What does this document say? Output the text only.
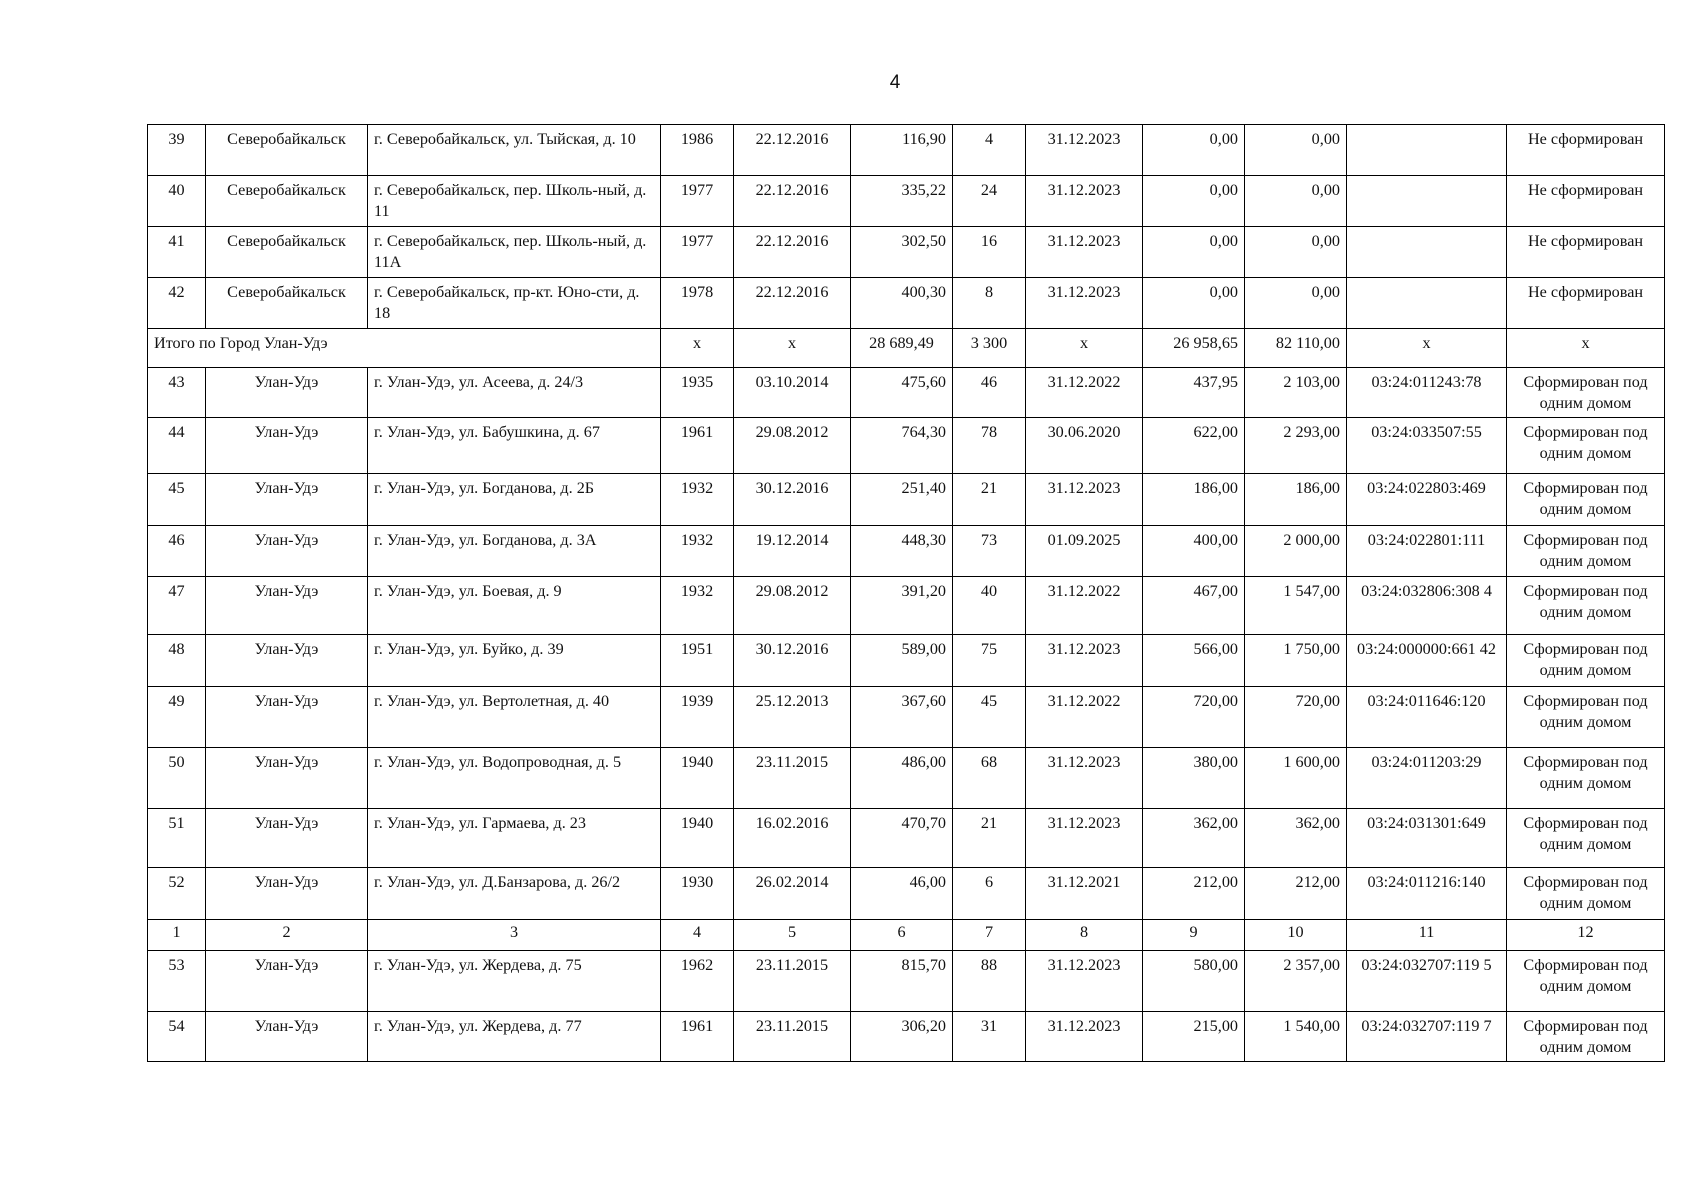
4
39	Северобайкальск	г. Северобайкальск, ул. Тыйская, д. 10	1986	22.12.2016	116,90	4	31.12.2023	0,00	0,00		Не сформирован
40	Северобайкальск	г. Северобайкальск, пер. Школь-ный, д. 11	1977	22.12.2016	335,22	24	31.12.2023	0,00	0,00		Не сформирован
41	Северобайкальск	г. Северобайкальск, пер. Школь-ный, д. 11А	1977	22.12.2016	302,50	16	31.12.2023	0,00	0,00		Не сформирован
42	Северобайкальск	г. Северобайкальск, пр-кт. Юно-сти, д. 18	1978	22.12.2016	400,30	8	31.12.2023	0,00	0,00		Не сформирован
Итого по Город Улан-Удэ			х	х	28 689,49	3 300	х	26 958,65	82 110,00	х	х
43	Улан-Удэ	г. Улан-Удэ, ул. Асеева, д. 24/3	1935	03.10.2014	475,60	46	31.12.2022	437,95	2 103,00	03:24:011243:78	Сформирован под одним домом
44	Улан-Удэ	г. Улан-Удэ, ул. Бабушкина, д. 67	1961	29.08.2012	764,30	78	30.06.2020	622,00	2 293,00	03:24:033507:55	Сформирован под одним домом
45	Улан-Удэ	г. Улан-Удэ, ул. Богданова, д. 2Б	1932	30.12.2016	251,40	21	31.12.2023	186,00	186,00	03:24:022803:469	Сформирован под одним домом
46	Улан-Удэ	г. Улан-Удэ, ул. Богданова, д. 3А	1932	19.12.2014	448,30	73	01.09.2025	400,00	2 000,00	03:24:022801:111	Сформирован под одним домом
47	Улан-Удэ	г. Улан-Удэ, ул. Боевая, д. 9	1932	29.08.2012	391,20	40	31.12.2022	467,00	1 547,00	03:24:032806:308 4	Сформирован под одним домом
48	Улан-Удэ	г. Улан-Удэ, ул. Буйко, д. 39	1951	30.12.2016	589,00	75	31.12.2023	566,00	1 750,00	03:24:000000:661 42	Сформирован под одним домом
49	Улан-Удэ	г. Улан-Удэ, ул. Вертолетная, д. 40	1939	25.12.2013	367,60	45	31.12.2022	720,00	720,00	03:24:011646:120	Сформирован под одним домом
50	Улан-Удэ	г. Улан-Удэ, ул. Водопроводная, д. 5	1940	23.11.2015	486,00	68	31.12.2023	380,00	1 600,00	03:24:011203:29	Сформирован под одним домом
51	Улан-Удэ	г. Улан-Удэ, ул. Гармаева, д. 23	1940	16.02.2016	470,70	21	31.12.2023	362,00	362,00	03:24:031301:649	Сформирован под одним домом
52	Улан-Удэ	г. Улан-Удэ, ул. Д.Банзарова, д. 26/2	1930	26.02.2014	46,00	6	31.12.2021	212,00	212,00	03:24:011216:140	Сформирован под одним домом
1	2	3	4	5	6	7	8	9	10	11	12
53	Улан-Удэ	г. Улан-Удэ, ул. Жердева, д. 75	1962	23.11.2015	815,70	88	31.12.2023	580,00	2 357,00	03:24:032707:119 5	Сформирован под одним домом
54	Улан-Удэ	г. Улан-Удэ, ул. Жердева, д. 77	1961	23.11.2015	306,20	31	31.12.2023	215,00	1 540,00	03:24:032707:119 7	Сформирован под одним домом
